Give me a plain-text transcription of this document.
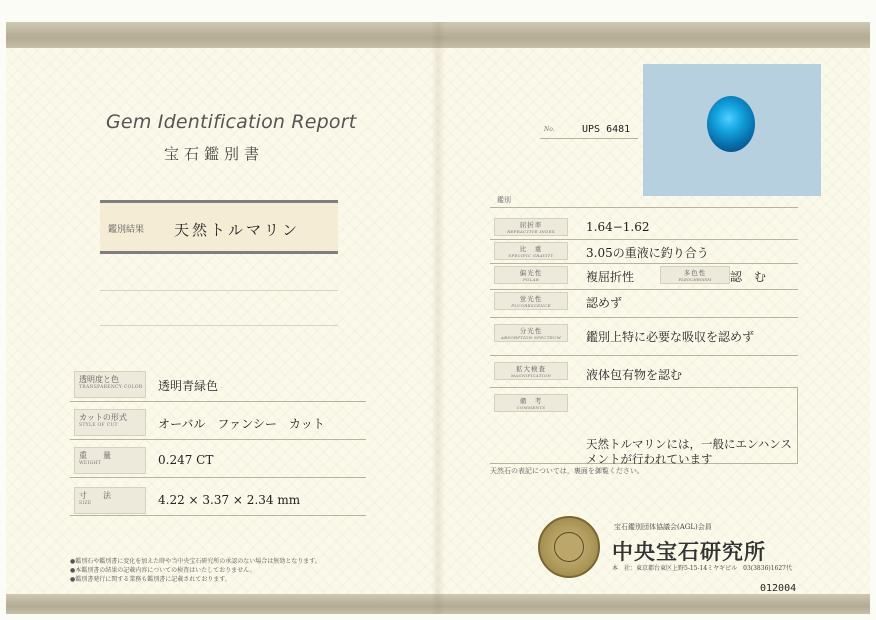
Gem Identification Report
宝石鑑別書
鑑別結果 天然トルマリン
透明度と色
TRANSPARENCY·COLOR 透明青緑色
カットの形式
STYLE OF CUT	オーバル　ファンシー　カット
重　　量
WEIGHT	0.247 CT
寸　　法
SIZE	4.22 × 3.37 × 2.34 mm
●鑑別石や鑑別書に変化を加えた時や当中央宝石研究所の承認のない場合は無効となります。
●本鑑別書の結果の記載内容についての検査はいたしておりません。
●鑑別書発行に関する業務も鑑別書に記載されております。
No.	UPS 6481
鑑別
屈折率
REFRACTIVE INDEX	1.64−1.62
比　重
SPECIFIC GRAVITY	3.05の重液に釣り合う
偏光性
POLAR	複屈折性	多色性
PLEOCHROISM	認　む
蛍光性
FLUORESCENCE	認めず
分光性
ABSORPTION SPECTRUM	鑑別上特に必要な吸収を認めず
拡大検査
MAGNIFICATION	液体包有物を認む
備　考
COMMENTS
天然トルマリンには，一般にエンハンス
メントが行われています
天然石の表記については，裏面を御覧ください。
宝石鑑別団体協議会(AGL)会員
中央宝石研究所
本　社：東京都台東区上野5-15-14ミヤギビル　03(3836)1627代
012004
